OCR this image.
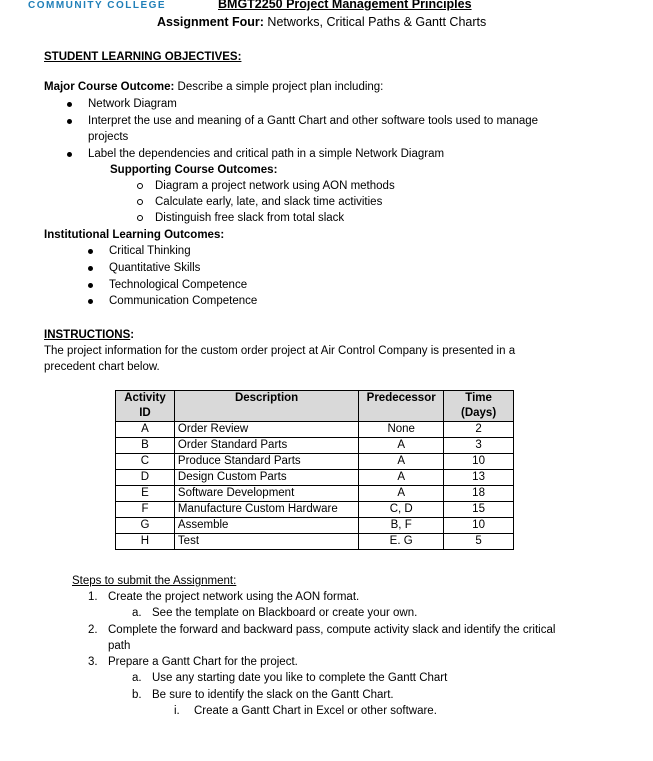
COMMUNITY COLLEGE	BMGT2250 Project Management Principles
Assignment Four: Networks, Critical Paths & Gantt Charts
STUDENT LEARNING OBJECTIVES:
Major Course Outcome: Describe a simple project plan including:
Network Diagram
Interpret the use and meaning of a Gantt Chart and other software tools used to manage
projects
Label the dependencies and critical path in a simple Network Diagram
Supporting Course Outcomes:
Diagram a project network using AON methods
Calculate early, late, and slack time activities
Distinguish free slack from total slack
Institutional Learning Outcomes:
Critical Thinking
Quantitative Skills
Technological Competence
Communication Competence
INSTRUCTIONS:
The project information for the custom order project at Air Control Company is presented in a
precedent chart below.
Activity
ID	Description	Predecessor	Time
(Days)
A	Order Review	None	2
B	Order Standard Parts	A	3
C	Produce Standard Parts	A	10
D	Design Custom Parts	A	13
E	Software Development	A	18
F	Manufacture Custom Hardware	C, D	15
G	Assemble	B, F	10
H	Test	E. G	5
Steps to submit the Assignment:
1. Create the project network using the AON format.
a. See the template on Blackboard or create your own.
2. Complete the forward and backward pass, compute activity slack and identify the critical
path
3. Prepare a Gantt Chart for the project.
a. Use any starting date you like to complete the Gantt Chart
b. Be sure to identify the slack on the Gantt Chart.
i. Create a Gantt Chart in Excel or other software.
